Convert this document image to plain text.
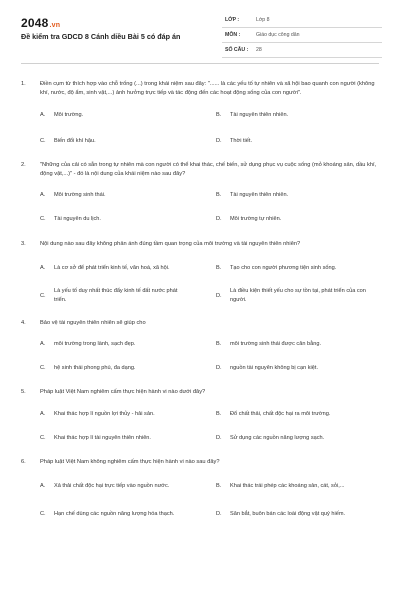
2048.vn
Đề kiểm tra GDCD 8 Cánh diều Bài 5 có đáp án
LỚP :	Lớp 8
MÔN :	Giáo dục công dân
SỐ CÂU : 28
1.	Điền cụm từ thích hợp vào chỗ trống (...) trong khái niệm sau đây: "...... là các yếu tố tự nhiên và xã hội bao quanh con người (không khí, nước, độ ẩm, sinh vật,...) ảnh hưởng trực tiếp và tác động đến các hoạt động sống của con người".
A.	Môi trường.	B.	Tài nguyên thiên nhiên.
C.	Biến đổi khí hậu.	D.	Thời tiết.
2.	"Những của cải có sẵn trong tự nhiên mà con người có thể khai thác, chế biến, sử dụng phục vụ cuộc sống (mỏ khoáng sản, dầu khí, động vật,...)" - đó là nội dung của khái niệm nào sau đây?
A.	Môi trường sinh thái.	B.	Tài nguyên thiên nhiên.
C.	Tài nguyên du lịch.	D.	Môi trường tự nhiên.
3.	Nội dung nào sau đây không phản ánh đúng tầm quan trọng của môi trường và tài nguyên thiên nhiên?
A.	Là cơ sở để phát triển kinh tế, văn hoá, xã hội.	B.	Tạo cho con người phương tiện sinh sống.
C.
Là yếu tố duy nhất thúc đẩy kinh tế đất nước phát triển.
D.
Là điều kiện thiết yếu cho sự tồn tại, phát triển của con người.
4.	Bảo vệ tài nguyên thiên nhiên sẽ giúp cho
A.	môi trường trong lành, sạch đẹp.	B.	môi trường sinh thái được cân bằng.
C.	hệ sinh thái phong phú, đa dạng.	D.	nguồn tài nguyên không bị cạn kiệt.
5.	Pháp luật Việt Nam nghiêm cấm thực hiện hành vi nào dưới đây?
A.	Khai thác hợp lí nguồn lợi thủy - hải sản.	B.	Đổ chất thải, chất độc hại ra môi trường.
C.	Khai thác hợp lí tài nguyên thiên nhiên.	D.	Sử dụng các nguồn năng lượng sạch.
6.	Pháp luật Việt Nam không nghiêm cấm thực hiện hành vi nào sau đây?
A.	Xả thải chất độc hại trực tiếp vào nguồn nước.	B.	Khai thác trái phép các khoáng sản, cát, sỏi,...
C.	Hạn chế dùng các nguồn năng lượng hóa thạch.	D.	Săn bắt, buôn bán các loài động vật quý hiếm.
